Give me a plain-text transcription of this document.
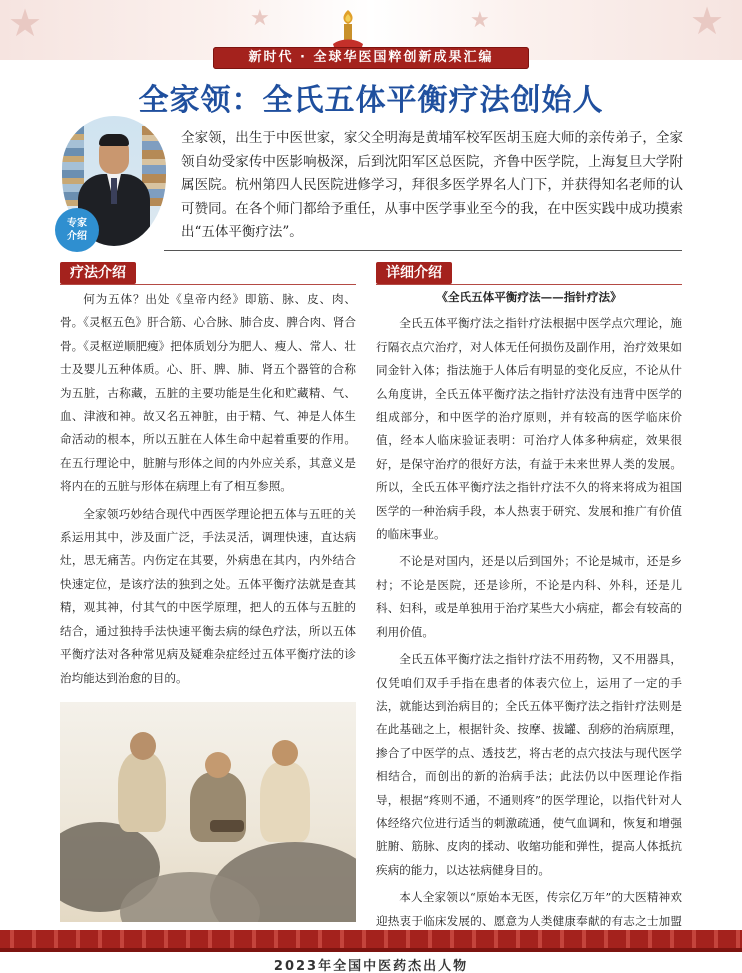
★	★
★
★
新时代 · 全球华医国粹创新成果汇编
全家领：全氏五体平衡疗法创始人
专家介绍
全家领，出生于中医世家，家父全明海是黄埔军校军医胡玉庭大师的亲传弟子，全家领自幼受家传中医影响极深，后到沈阳军区总医院，齐鲁中医学院，上海复旦大学附属医院。杭州第四人民医院进修学习，拜很多医学界名人门下，并获得知名老师的认可赞同。在各个师门都给予重任，从事中医学事业至今的我，在中医实践中成功摸索出“五体平衡疗法”。
疗法介绍

何为五体？出处《皇帝内经》即筋、脉、皮、肉、骨。《灵枢五色》肝合筋、心合脉、肺合皮、脾合肉、肾合骨。《灵枢逆顺肥瘦》把体质划分为肥人、瘦人、常人、壮士及婴儿五种体质。心、肝、脾、肺、肾五个器管的合称为五脏，古称藏，五脏的主要功能是生化和贮藏精、气、血、津液和神。故又名五神脏，由于精、气、神是人体生命活动的根本，所以五脏在人体生命中起着重要的作用。在五行理论中，脏腑与形体之间的内外应关系，其意义是将内在的五脏与形体在病理上有了相互参照。

全家领巧妙结合现代中西医学理论把五体与五旺的关系运用其中，涉及面广泛，手法灵活，调理快速，直达病灶，思无痛苦。内伤定在其要，外病患在其内，内外结合快速定位，是该疗法的独到之处。五体平衡疗法就是查其精，观其神，付其气的中医学原理，把人的五体与五脏的结合，通过独持手法快速平衡去病的绿色疗法，所以五体平衡疗法对各种常见病及疑难杂症经过五体平衡疗法的诊治均能达到治愈的目的。

详细介绍

《全氏五体平衡疗法——指针疗法》

全氏五体平衡疗法之指针疗法根据中医学点穴理论，施行隔衣点穴治疗，对人体无任何损伤及副作用，治疗效果如同金针入体；指法施于人体后有明显的变化反应，不论从什么角度讲，全氏五体平衡疗法之指针疗法没有违背中医学的组成部分，和中医学的治疗原则，并有较高的医学临床价值，经本人临床验证表明：可治疗人体多种病症，效果很好，是保守治疗的很好方法，有益于未来世界人类的发展。所以，全氏五体平衡疗法之指针疗法不久的将来将成为祖国医学的一种治病手段，本人热衷于研究、发展和推广有价值的临床事业。

不论是对国内，还是以后到国外；不论是城市，还是乡村；不论是医院，还是诊所，不论是内科、外科，还是儿科、妇科，或是单独用于治疗某些大小病症，都会有较高的利用价值。

全氏五体平衡疗法之指针疗法不用药物，又不用器具，仅凭咱们双手手指在患者的体表穴位上，运用了一定的手法，就能达到治病目的；全氏五体平衡疗法之指针疗法则是在此基础之上，根据针灸、按摩、拔罐、刮痧的治病原理，掺合了中医学的点、透技艺，将古老的点穴技法与现代医学相结合，而创出的新的治病手法；此法仍以中医理论作指导，根据“疼则不通，不通则疼”的医学理论，以指代针对人体经络穴位进行适当的刺激疏通，使气血调和，恢复和增强脏腑、筋脉、皮肉的揉动、收缩功能和弹性，提高人体抵抗疾病的能力，以达祛病健身目的。

本人全家领以“原始本无医，传宗亿万年”的大医精神欢迎热衷于临床发展的、愿意为人类健康奉献的有志之士加盟

2023年全国中医药杰出人物
